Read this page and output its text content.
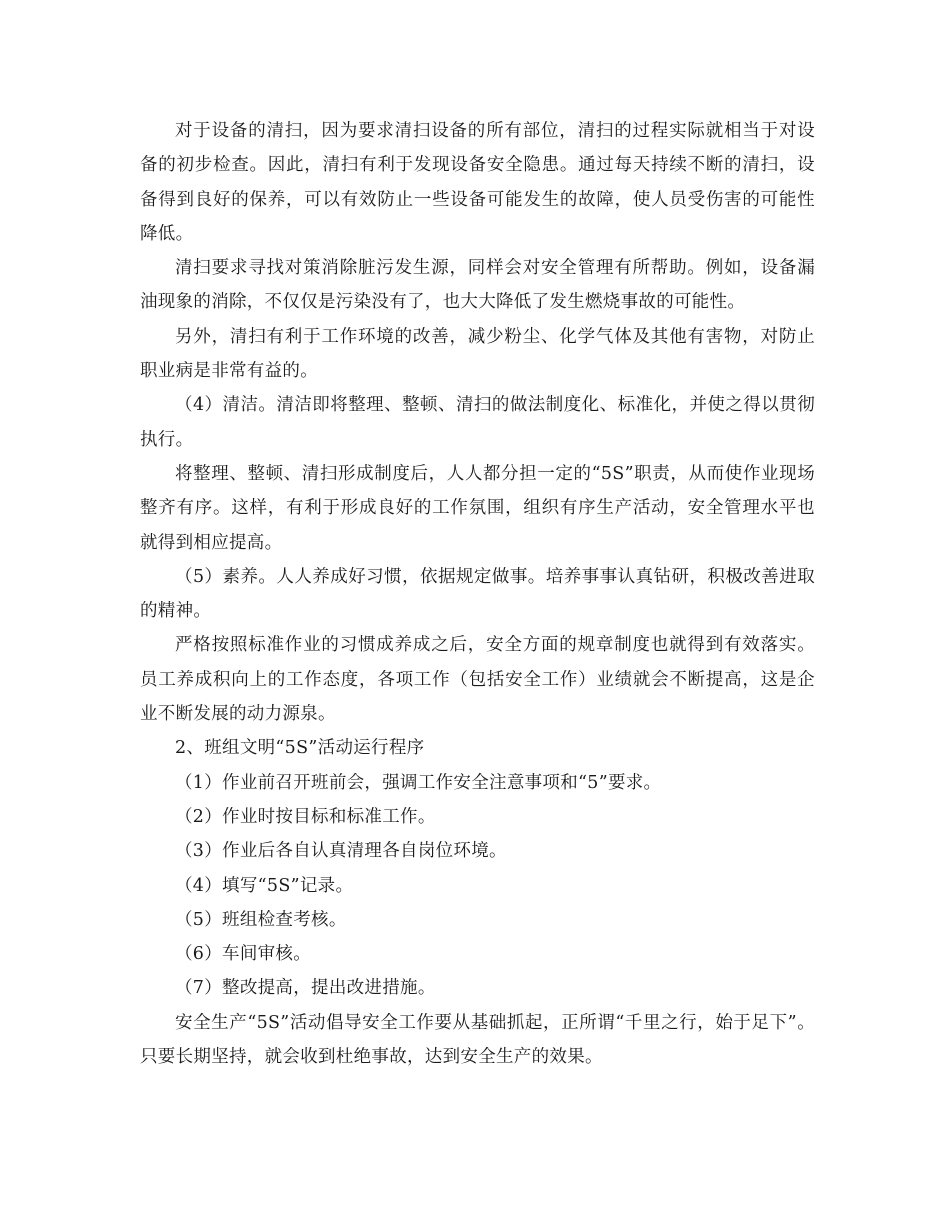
对于设备的清扫，因为要求清扫设备的所有部位，清扫的过程实际就相当于对设备的初步检查。因此，清扫有利于发现设备安全隐患。通过每天持续不断的清扫，设备得到良好的保养，可以有效防止一些设备可能发生的故障，使人员受伤害的可能性降低。

清扫要求寻找对策消除脏污发生源，同样会对安全管理有所帮助。例如，设备漏油现象的消除，不仅仅是污染没有了，也大大降低了发生燃烧事故的可能性。

另外，清扫有利于工作环境的改善，减少粉尘、化学气体及其他有害物，对防止职业病是非常有益的。

（4）清洁。清洁即将整理、整顿、清扫的做法制度化、标准化，并使之得以贯彻执行。

将整理、整顿、清扫形成制度后，人人都分担一定的“5S”职责，从而使作业现场整齐有序。这样，有利于形成良好的工作氛围，组织有序生产活动，安全管理水平也就得到相应提高。

（5）素养。人人养成好习惯，依据规定做事。培养事事认真钻研，积极改善进取的精神。

严格按照标准作业的习惯成养成之后，安全方面的规章制度也就得到有效落实。员工养成积向上的工作态度，各项工作（包括安全工作）业绩就会不断提高，这是企业不断发展的动力源泉。

2、班组文明“5S”活动运行程序

（1）作业前召开班前会，强调工作安全注意事项和“5”要求。

（2）作业时按目标和标准工作。

（3）作业后各自认真清理各自岗位环境。

（4）填写“5S”记录。

（5）班组检查考核。

（6）车间审核。

（7）整改提高，提出改进措施。

安全生产“5S”活动倡导安全工作要从基础抓起，正所谓“千里之行，始于足下”。只要长期坚持，就会收到杜绝事故，达到安全生产的效果。
